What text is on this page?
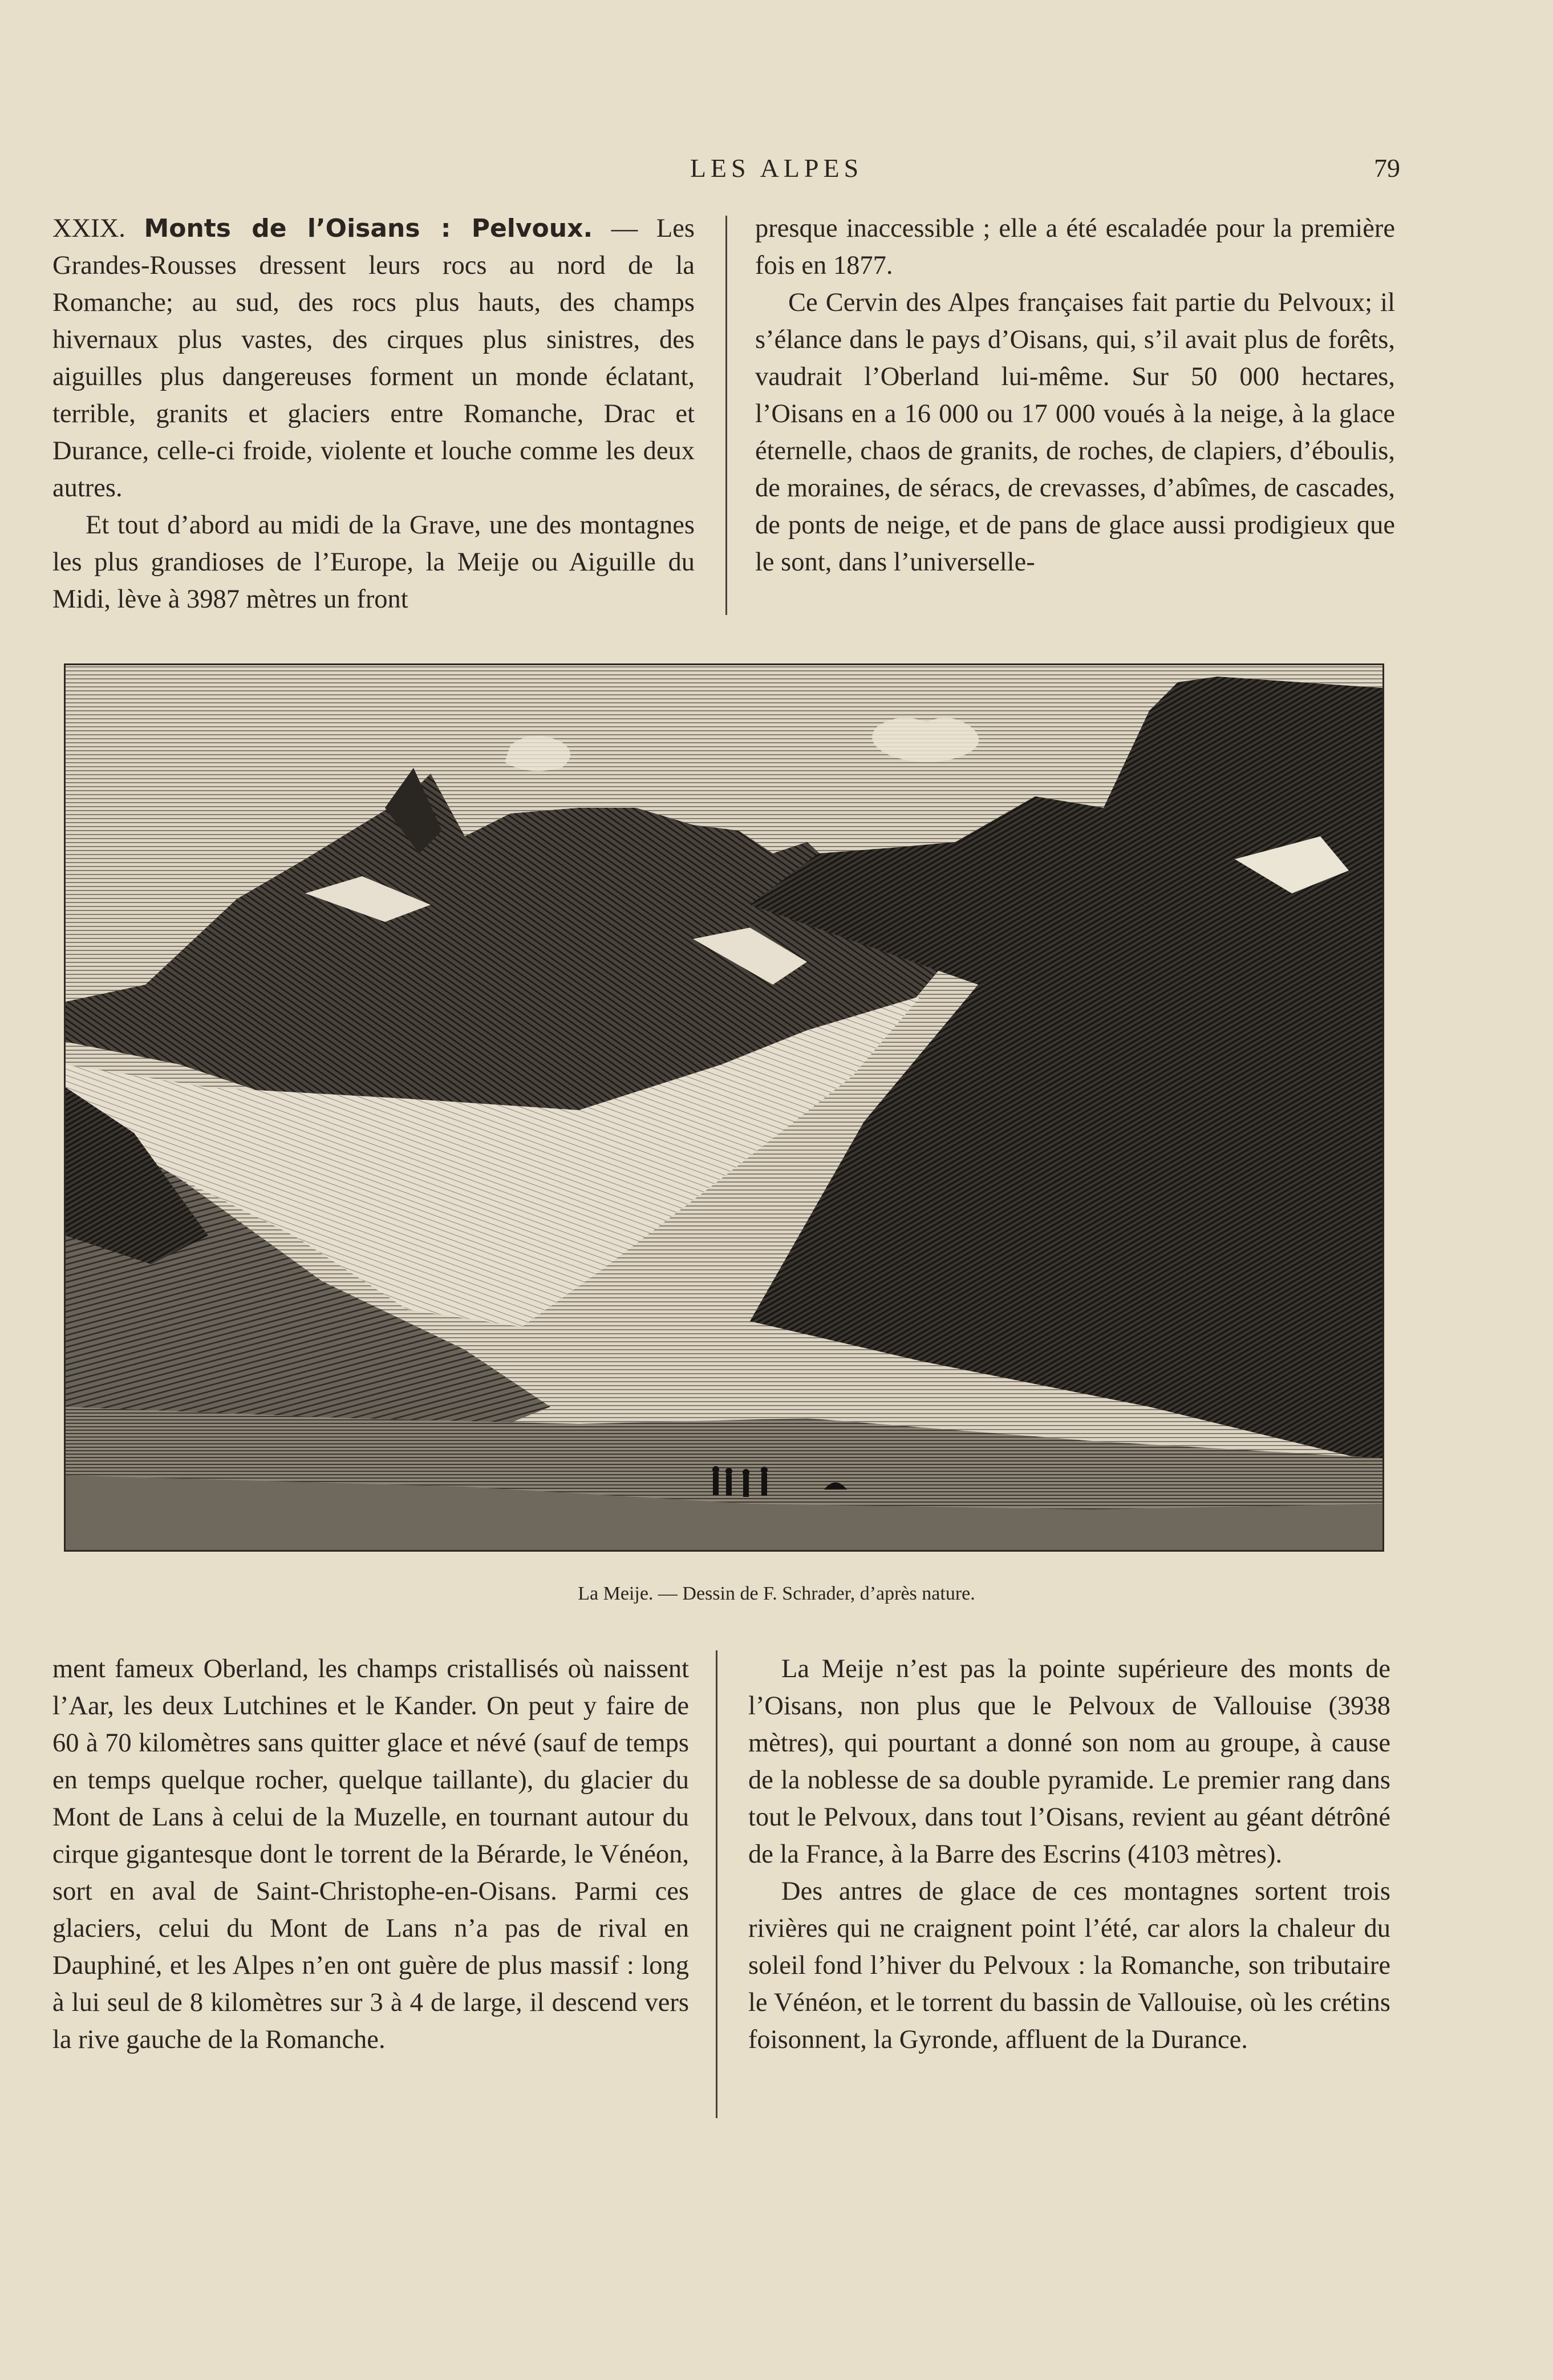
LES ALPES	79

XXIX. Monts de l’Oisans : Pelvoux. — Les Grandes-Rousses dressent leurs rocs au nord de la Romanche; au sud, des rocs plus hauts, des champs hivernaux plus vastes, des cirques plus sinistres, des aiguilles plus dangereuses forment un monde éclatant, terrible, granits et glaciers entre Romanche, Drac et Durance, celle-ci froide, violente et louche comme les deux autres.

Et tout d’abord au midi de la Grave, une des montagnes les plus grandioses de l’Europe, la Meije ou Aiguille du Midi, lève à 3987 mètres un front

presque inaccessible ; elle a été escaladée pour la première fois en 1877.

Ce Cervin des Alpes françaises fait partie du Pelvoux; il s’élance dans le pays d’Oisans, qui, s’il avait plus de forêts, vaudrait l’Oberland lui-même. Sur 50 000 hectares, l’Oisans en a 16 000 ou 17 000 voués à la neige, à la glace éternelle, chaos de granits, de roches, de clapiers, d’éboulis, de moraines, de séracs, de crevasses, d’abîmes, de cascades, de ponts de neige, et de pans de glace aussi prodigieux que le sont, dans l’universelle-

La Meije. — Dessin de F. Schrader, d’après nature.

ment fameux Oberland, les champs cristallisés où naissent l’Aar, les deux Lutchines et le Kander. On peut y faire de 60 à 70 kilomètres sans quitter glace et névé (sauf de temps en temps quelque rocher, quelque taillante), du glacier du Mont de Lans à celui de la Muzelle, en tournant autour du cirque gigantesque dont le torrent de la Bérarde, le Vénéon, sort en aval de Saint-Christophe-en-Oisans. Parmi ces glaciers, celui du Mont de Lans n’a pas de rival en Dauphiné, et les Alpes n’en ont guère de plus massif : long à lui seul de 8 kilomètres sur 3 à 4 de large, il descend vers la rive gauche de la Romanche.

La Meije n’est pas la pointe supérieure des monts de l’Oisans, non plus que le Pelvoux de Vallouise (3938 mètres), qui pourtant a donné son nom au groupe, à cause de la noblesse de sa double pyramide. Le premier rang dans tout le Pelvoux, dans tout l’Oisans, revient au géant détrôné de la France, à la Barre des Escrins (4103 mètres).

Des antres de glace de ces montagnes sortent trois rivières qui ne craignent point l’été, car alors la chaleur du soleil fond l’hiver du Pelvoux : la Romanche, son tributaire le Vénéon, et le torrent du bassin de Vallouise, où les crétins foisonnent, la Gyronde, affluent de la Durance.
